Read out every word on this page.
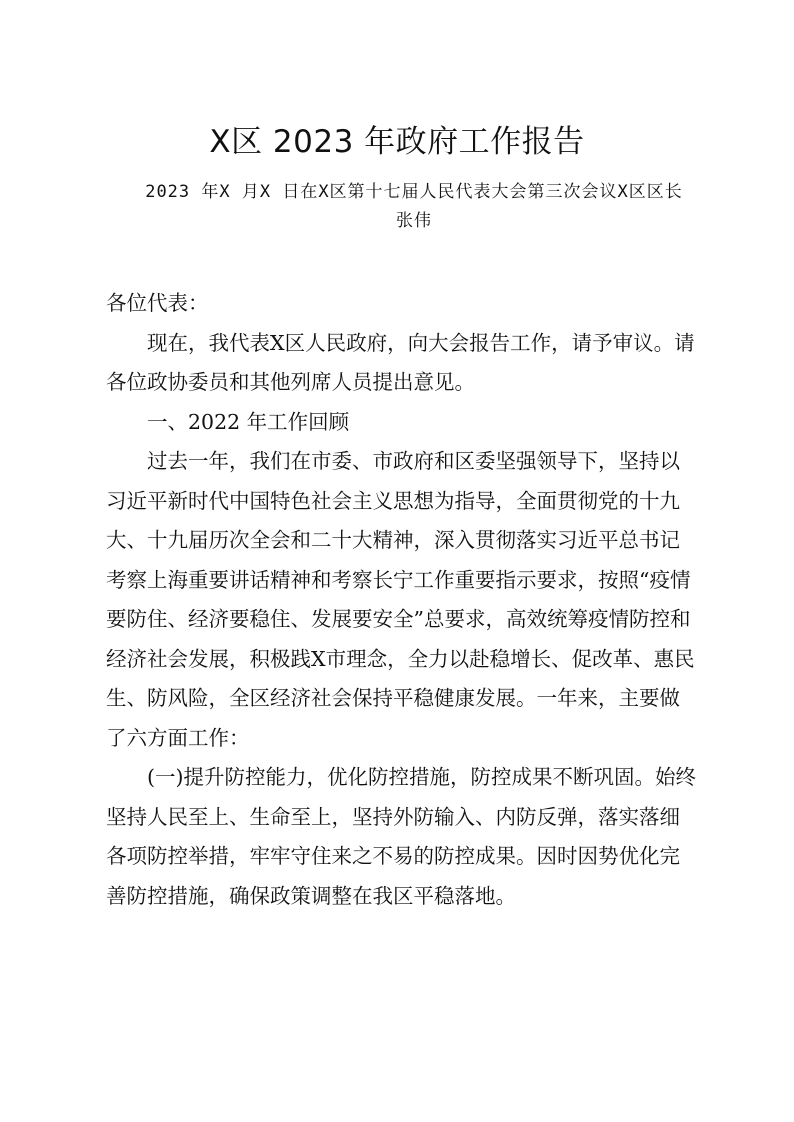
X区 2023 年政府工作报告
2023 年X 月X 日在X区第十七届人民代表大会第三次会议X区区长
张伟

各位代表：

现在，我代表X区人民政府，向大会报告工作，请予审议。请各位政协委员和其他列席人员提出意见。

一、2022 年工作回顾

过去一年，我们在市委、市政府和区委坚强领导下，坚持以习近平新时代中国特色社会主义思想为指导，全面贯彻党的十九大、十九届历次全会和二十大精神，深入贯彻落实习近平总书记考察上海重要讲话精神和考察长宁工作重要指示要求，按照“疫情要防住、经济要稳住、发展要安全”总要求，高效统筹疫情防控和经济社会发展，积极践X市理念，全力以赴稳增长、促改革、惠民生、防风险，全区经济社会保持平稳健康发展。一年来，主要做了六方面工作：

(一)提升防控能力，优化防控措施，防控成果不断巩固。始终坚持人民至上、生命至上，坚持外防输入、内防反弹，落实落细各项防控举措，牢牢守住来之不易的防控成果。因时因势优化完善防控措施，确保政策调整在我区平稳落地。
